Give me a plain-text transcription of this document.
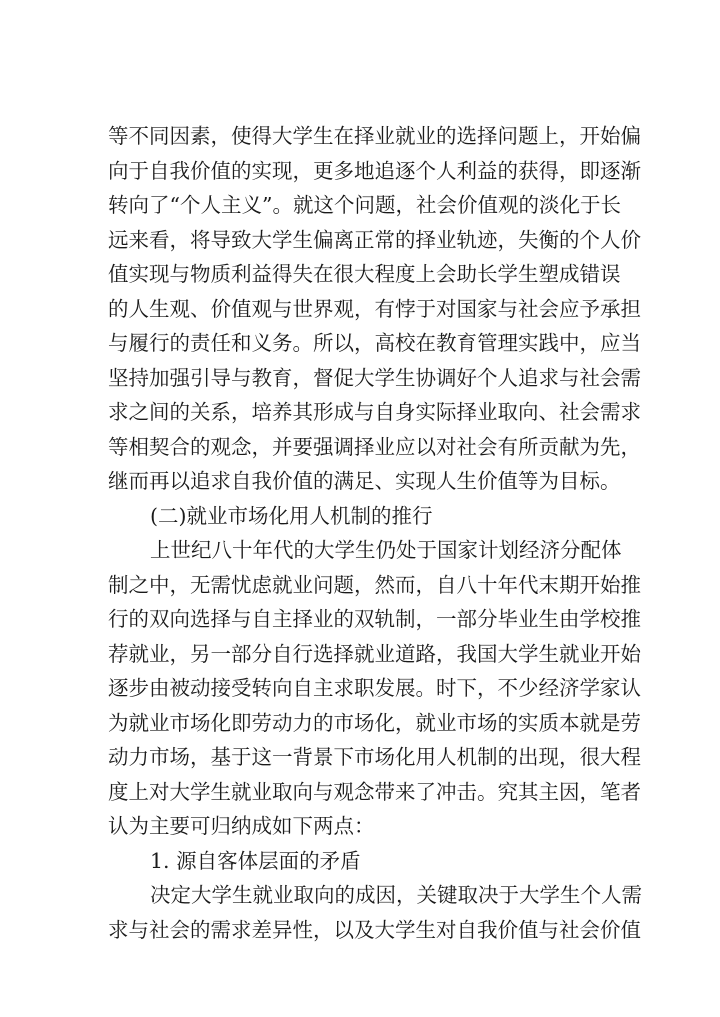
等不同因素，使得大学生在择业就业的选择问题上，开始偏
向于自我价值的实现，更多地追逐个人利益的获得，即逐渐
转向了“个人主义”。就这个问题，社会价值观的淡化于长
远来看，将导致大学生偏离正常的择业轨迹，失衡的个人价
值实现与物质利益得失在很大程度上会助长学生塑成错误
的人生观、价值观与世界观，有悖于对国家与社会应予承担
与履行的责任和义务。所以，高校在教育管理实践中，应当
坚持加强引导与教育，督促大学生协调好个人追求与社会需
求之间的关系，培养其形成与自身实际择业取向、社会需求
等相契合的观念，并要强调择业应以对社会有所贡献为先，
继而再以追求自我价值的满足、实现人生价值等为目标。
(二)就业市场化用人机制的推行
上世纪八十年代的大学生仍处于国家计划经济分配体
制之中，无需忧虑就业问题，然而，自八十年代末期开始推
行的双向选择与自主择业的双轨制，一部分毕业生由学校推
荐就业，另一部分自行选择就业道路，我国大学生就业开始
逐步由被动接受转向自主求职发展。时下，不少经济学家认
为就业市场化即劳动力的市场化，就业市场的实质本就是劳
动力市场，基于这一背景下市场化用人机制的出现，很大程
度上对大学生就业取向与观念带来了冲击。究其主因，笔者
认为主要可归纳成如下两点：
1. 源自客体层面的矛盾
决定大学生就业取向的成因，关键取决于大学生个人需
求与社会的需求差异性，以及大学生对自我价值与社会价值
